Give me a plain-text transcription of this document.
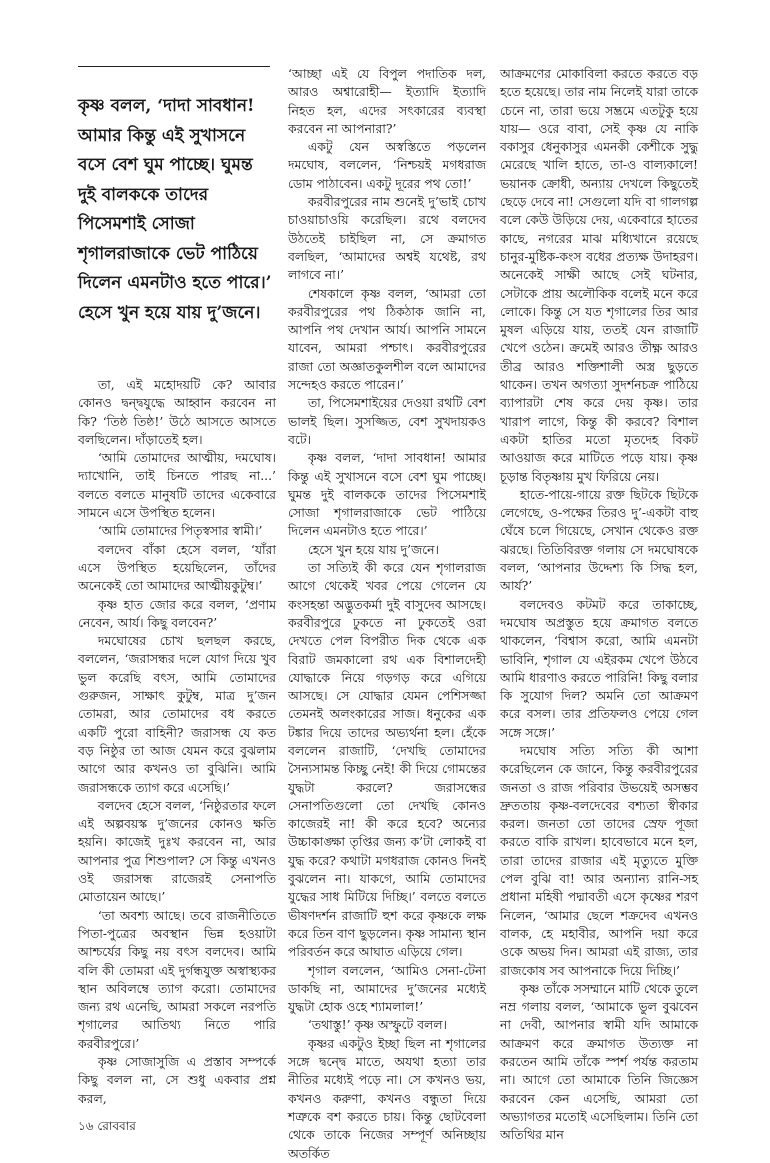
কৃষ্ণ বলল, ‘দাদা সাবধান! আমার কিন্তু এই সুখাসনে বসে বেশ ঘুম পাচ্ছে। ঘুমন্ত দুই বালককে তাদের পিসেমশাই সোজা শৃগালরাজাকে ভেট পাঠিয়ে দিলেন এমনটাও হতে পারে।’ হেসে খুন হয়ে যায় দু’জনে।

তা, এই মহোদয়টি কে? আবার কোনও দ্বন্দ্বযুদ্ধে আহ্বান করবেন না কি? ‘তিষ্ঠ তিষ্ঠ!’ উঠে আসতে আসতে বলছিলেন। দাঁড়াতেই হল।

‘আমি তোমাদের আত্মীয়, দমঘোষ। দ্যাখোনি, তাই চিনতে পারছ না...’ বলতে বলতে মানুষটি তাদের একেবারে সামনে এসে উপস্থিত হলেন।

‘আমি তোমাদের পিতৃস্বসার স্বামী।’

বলদেব বাঁকা হেসে বলল, ‘যাঁরা এসে উপস্থিত হয়েছিলেন, তাঁদের অনেকেই তো আমাদের আত্মীয়কুটুম্ব।’

কৃষ্ণ হাত জোর করে বলল, ‘প্রণাম নেবেন, আর্য। কিছু বলবেন?’

দমঘোষের চোখ ছলছল করছে, বললেন, ‘জরাসন্ধর দলে যোগ দিয়ে খুব ভুল করেছি বৎস, আমি তোমাদের গুরুজন, সাক্ষাৎ কুটুম্ব, মাত্র দু’জন তোমরা, আর তোমাদের বধ করতে একটি পুরো বাহিনী? জরাসন্ধ যে কত বড় নিষ্ঠুর তা আজ যেমন করে বুঝলাম আগে আর কখনও তা বুঝিনি। আমি জরাসন্ধকে ত্যাগ করে এসেছি।’

বলদেব হেসে বলল, ‘নিষ্ঠুরতার ফলে এই অল্পবয়স্ক দু’জনের কোনও ক্ষতি হয়নি। কাজেই দুঃখ করবেন না, আর আপনার পুত্র শিশুপাল? সে কিন্তু এখনও ওই জরাসন্ধ রাজেরই সেনাপতি মোতায়েন আছে।’

‘তা অবশ্য আছে। তবে রাজনীতিতে পিতা-পুত্রের অবস্থান ভিন্ন হওয়াটা আশ্চর্যের কিছু নয় বৎস বলদেব। আমি বলি কী তোমরা এই দুর্গন্ধযুক্ত অস্বাস্থ্যকর স্থান অবিলম্বে ত্যাগ করো। তোমাদের জন্য রথ এনেছি, আমরা সকলে নরপতি শৃগালের আতিথ্য নিতে পারি করবীরপুরে।’

কৃষ্ণ সোজাসুজি এ প্রস্তাব সম্পর্কে কিছু বলল না, সে শুধু একবার প্রশ্ন করল,

১৬ রোববার

‘আচ্ছা এই যে বিপুল পদাতিক দল, আরও অশ্বারোহী— ইত্যাদি ইত্যাদি নিহত হল, এদের সৎকারের ব্যবস্থা করবেন না আপনারা?’

একটু যেন অস্বস্তিতে পড়লেন দমঘোষ, বললেন, ‘নিশ্চয়ই মগধরাজ ডোম পাঠাবেন। একটু দূরের পথ তো!’

করবীরপুরের নাম শুনেই দু’ভাই চোখ চাওয়াচাওয়ি করেছিল। রথে বলদেব উঠতেই চাইছিল না, সে ক্রমাগত বলছিল, ‘আমাদের অশ্বই যথেষ্ট, রথ লাগবে না।’

শেষকালে কৃষ্ণ বলল, ‘আমরা তো করবীরপুরের পথ ঠিকঠাক জানি না, আপনি পথ দেখান আর্য। আপনি সামনে যাবেন, আমরা পশ্চাৎ। করবীরপুরের রাজা তো অজ্ঞাতকুলশীল বলে আমাদের সন্দেহও করতে পারেন।’

তা, পিসেমশাইয়ের দেওয়া রথটি বেশ ভালই ছিল। সুসজ্জিত, বেশ সুখদায়কও বটে।

কৃষ্ণ বলল, ‘দাদা সাবধান! আমার কিন্তু এই সুখাসনে বসে বেশ ঘুম পাচ্ছে। ঘুমন্ত দুই বালককে তাদের পিসেমশাই সোজা শৃগালরাজাকে ভেট পাঠিয়ে দিলেন এমনটাও হতে পারে।’

হেসে খুন হয়ে যায় দু’জনে।

তা সত্যিই কী করে যেন শৃগালরাজ আগে থেকেই খবর পেয়ে গেলেন যে কংসহন্তা অদ্ভুতকর্মা দুই বাসুদেব আসছে। করবীরপুরে ঢুকতে না ঢুকতেই ওরা দেখতে পেল বিপরীত দিক থেকে এক বিরাট জমকালো রথ এক বিশালদেহী যোদ্ধাকে নিয়ে গড়গড় করে এগিয়ে আসছে। সে যোদ্ধার যেমন পেশিসজ্জা তেমনই অলংকারের সাজ। ধনুকের এক টঙ্কার দিয়ে তাদের অভ্যর্থনা হল। হেঁকে বললেন রাজাটি, ‘দেখছি তোমাদের সৈন্যসামন্ত কিচ্ছু নেই! কী দিয়ে গোমন্তের যুদ্ধটা করলে? জরাসন্ধের সেনাপতিগুলো তো দেখছি কোনও কাজেরই না! কী করে হবে? অন্যের উচ্চাকাঙ্ক্ষা তৃপ্তির জন্য ক’টা লোকই বা যুদ্ধ করে? কথাটা মগধরাজ কোনও দিনই বুঝলেন না। যাকগে, আমি তোমাদের যুদ্ধের সাধ মিটিয়ে দিচ্ছি।’ বলতে বলতে ভীষণদর্শন রাজাটি হুশ করে কৃষ্ণকে লক্ষ করে তিন বাণ ছুড়লেন। কৃষ্ণ সামান্য স্থান পরিবর্তন করে আঘাত এড়িয়ে গেল।

শৃগাল বললেন, ‘আমিও সেনা-টেনা ডাকছি না, আমাদের দু’জনের মধ্যেই যুদ্ধটা হোক ওহে শ্যামলাল!’

‘তথাস্তু!’ কৃষ্ণ অস্ফুটে বলল।

কৃষ্ণর একটুও ইচ্ছা ছিল না শৃগালের সঙ্গে দ্বন্দ্বে মাতে, অযথা হত্যা তার নীতির মধ্যেই পড়ে না। সে কখনও ভয়, কখনও করুণা, কখনও বন্ধুতা দিয়ে শত্রুকে বশ করতে চায়। কিন্তু ছোটবেলা থেকে তাকে নিজের সম্পূর্ণ অনিচ্ছায় অতর্কিত

আক্রমণের মোকাবিলা করতে করতে বড় হতে হয়েছে। তার নাম নিলেই যারা তাকে চেনে না, তারা ভয়ে সম্ভ্রমে এতটুকু হয়ে যায়— ওরে বাবা, সেই কৃষ্ণ যে নাকি বকাসুর ধেনুকাসুর এমনকী কেশীকে সুদ্ধু মেরেছে খালি হাতে, তা-ও বাল্যকালে! ভয়ানক ক্রোধী, অন্যায় দেখলে কিছুতেই ছেড়ে দেবে না! সেগুলো যদি বা গালগল্প বলে কেউ উড়িয়ে দেয়, একেবারে হাতের কাছে, নগরের মাঝ মধ্যিখানে রয়েছে চানুর-মুষ্টিক-কংস বধের প্রত্যক্ষ উদাহরণ। অনেকেই সাক্ষী আছে সেই ঘটনার, সেটাকে প্রায় অলৌকিক বলেই মনে করে লোকে। কিন্তু সে যত শৃগালের তির আর মুষল এড়িয়ে যায়, ততই যেন রাজাটি খেপে ওঠেন। ক্রমেই আরও তীক্ষ্ণ আরও তীব্র আরও শক্তিশালী অস্ত্র ছুড়তে থাকেন। তখন অগত্যা সুদর্শনচক্র পাঠিয়ে ব্যাপারটা শেষ করে দেয় কৃষ্ণ। তার খারাপ লাগে, কিন্তু কী করবে? বিশাল একটা হাতির মতো মৃতদেহ বিকট আওয়াজ করে মাটিতে পড়ে যায়। কৃষ্ণ চূড়ান্ত বিতৃষ্ণায় মুখ ফিরিয়ে নেয়।

হাতে-পায়ে-গায়ে রক্ত ছিটকে ছিটকে লেগেছে, ও-পক্ষের তিরও দু’-একটা বাহু ঘেঁষে চলে গিয়েছে, সেখান থেকেও রক্ত ঝরছে। তিতিবিরক্ত গলায় সে দমঘোষকে বলল, ‘আপনার উদ্দেশ্য কি সিদ্ধ হল, আর্য?’

বলদেবও কটমট করে তাকাচ্ছে, দমঘোষ অপ্রস্তুত হয়ে ক্রমাগত বলতে থাকলেন, ‘বিশ্বাস করো, আমি এমনটা ভাবিনি, শৃগাল যে এইরকম খেপে উঠবে আমি ধারণাও করতে পারিনি! কিছু বলার কি সুযোগ দিল? অমনি তো আক্রমণ করে বসল। তার প্রতিফলও পেয়ে গেল সঙ্গে সঙ্গে।’

দমঘোষ সত্যি সত্যি কী আশা করেছিলেন কে জানে, কিন্তু করবীরপুরের জনতা ও রাজ পরিবার উভয়েই অসম্ভব দ্রুততায় কৃষ্ণ-বলদেবের বশ্যতা স্বীকার করল। জনতা তো তাদের স্রেফ পূজা করতে বাকি রাখল। হাবেভাবে মনে হল, তারা তাদের রাজার এই মৃত্যুতে মুক্তি পেল বুঝি বা! আর অন্যান্য রানি-সহ প্রধানা মহিষী পদ্মাবতী এসে কৃষ্ণের শরণ নিলেন, ‘আমার ছেলে শক্রদেব এখনও বালক, হে মহাবীর, আপনি দয়া করে ওকে অভয় দিন। আমরা এই রাজ্য, তার রাজকোষ সব আপনাকে দিয়ে দিচ্ছি।’

কৃষ্ণ তাঁকে সসম্মানে মাটি থেকে তুলে নম্র গলায় বলল, ‘আমাকে ভুল বুঝবেন না দেবী, আপনার স্বামী যদি আমাকে আক্রমণ করে ক্রমাগত উত্যক্ত না করতেন আমি তাঁকে স্পর্শ পর্যন্ত করতাম না। আগে তো আমাকে তিনি জিজ্ঞেস করবেন কেন এসেছি, আমরা তো অভ্যাগতর মতোই এসেছিলাম। তিনি তো অতিথির মান
